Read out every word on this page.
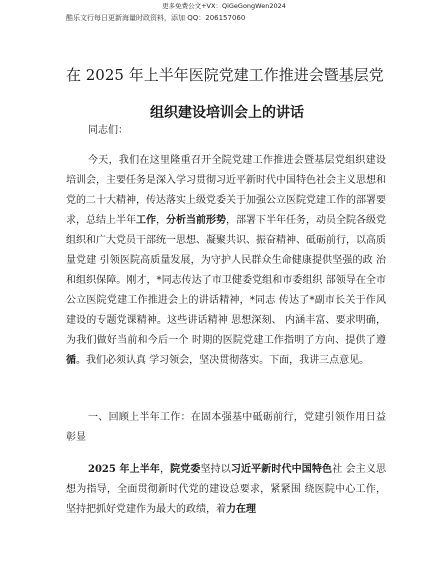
更多免费公文+VX：QiGeGongWen2024
酷乐文行每日更新海量时政资料，添加 QQ：206157060
在 2025 年上半年医院党建工作推进会暨基层党
组织建设培训会上的讲话
同志们：
今天，我们在这里隆重召开全院党建工作推进会暨基层党组织建设培训会，主要任务是深入学习贯彻习近平新时代中国特色社会主义思想和党的二十大精神，传达落实上级党委关于加强公立医院党建工作的部署要求，总结上半年工作，分析当前形势，部署下半年任务，动员全院各级党组织和广大党员干部统一思想、凝聚共识、振奋精神、砥砺前行，以高质量党建 引领医院高质量发展，为守护人民群众生命健康提供坚强的政 治 和组织保障。刚才，*同志传达了市卫健委党组和市委组织 部领导在全市公立医院党建工作推进会上的讲话精神，*同志 传达了*副市长关于作风建设的专题党课精神。这些讲话精神 思想深刻、 内涵丰富、要求明确，为我们做好当前和今后一个 时期的医院党建工作指明了方向、提供了遵循。我们必须认真 学习领会，坚决贯彻落实。下面，我讲三点意见。
一、回顾上半年工作：在固本强基中砥砺前行，党建引领作用日益彰显
2025 年上半年，院党委坚持以习近平新时代中国特色社 会主义思想为指导，全面贯彻新时代党的建设总要求，紧紧围 绕医院中心工作，坚持把抓好党建作为最大的政绩，着力在理
